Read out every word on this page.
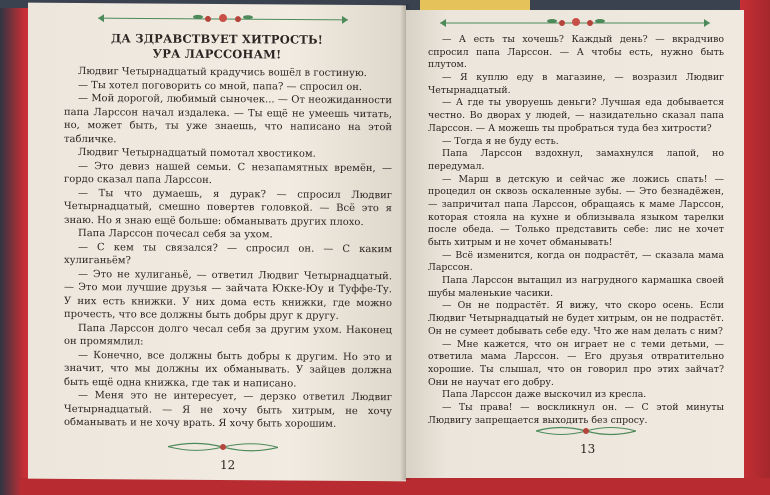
ДА ЗДРАВСТВУЕТ ХИТРОСТЬ!
УРА ЛАРССОНАМ!

Людвиг Четырнадцатый крадучись вошёл в гостиную.

— Ты хотел поговорить со мной, папа? — спросил он.

— Мой дорогой, любимый сыночек... — От неожиданности папа Ларссон начал издалека. — Ты ещё не умеешь читать, но, может быть, ты уже знаешь, что написано на этой табличке.

Людвиг Четырнадцатый помотал хвостиком.

— Это девиз нашей семьи. С незапамятных времён, — гордо сказал папа Ларссон.

— Ты что думаешь, я дурак? — спросил Людвиг Четырнадцатый, смешно повертев головкой. — Всё это я знаю. Но я знаю ещё больше: обманывать других плохо.

Папа Ларссон почесал себя за ухом.

— С кем ты связался? — спросил он. — С каким хулиганьём?

— Это не хулиганьё, — ответил Людвиг Четырнадцатый. — Это мои лучшие друзья — зайчата Юкке-Юу и Туффе-Ту. У них есть книжки. У них дома есть книжки, где можно прочесть, что все должны быть добры друг к другу.

Папа Ларссон долго чесал себя за другим ухом. Наконец он промямлил:

— Конечно, все должны быть добры к другим. Но это и значит, что мы должны их обманывать. У зайцев должна быть ещё одна книжка, где так и написано.

— Меня это не интересует, — дерзко ответил Людвиг Четырнадцатый. — Я не хочу быть хитрым, не хочу обманывать и не хочу врать. Я хочу быть хорошим.

12

— А есть ты хочешь? Каждый день? — вкрадчиво спросил папа Ларссон. — А чтобы есть, нужно быть плутом.

— Я куплю еду в магазине, — возразил Людвиг Четырнадцатый.

— А где ты уворуешь деньги? Лучшая еда добывается честно. Во дворах у людей, — назидательно сказал папа Ларссон. — А можешь ты пробраться туда без хитрости?

— Тогда я не буду есть.

Папа Ларссон вздохнул, замахнулся лапой, но передумал.

— Марш в детскую и сейчас же ложись спать! — процедил он сквозь оскаленные зубы. — Это безнадёжен, — запричитал папа Ларссон, обращаясь к маме Ларссон, которая стояла на кухне и облизывала языком тарелки после обеда. — Только представить себе: лис не хочет быть хитрым и не хочет обманывать!

— Всё изменится, когда он подрастёт, — сказала мама Ларссон.

Папа Ларссон вытащил из нагрудного кармашка своей шубы маленькие часики.

— Он не подрастёт. Я вижу, что скоро осень. Если Людвиг Четырнадцатый не будет хитрым, он не подрастёт. Он не сумеет добывать себе еду. Что же нам делать с ним?

— Мне кажется, что он играет не с теми детьми, — ответила мама Ларссон. — Его друзья отвратительно хорошие. Ты слышал, что он говорил про этих зайчат? Они не научат его добру.

Папа Ларссон даже выскочил из кресла.

— Ты права! — воскликнул он. — С этой минуты Людвигу запрещается выходить без спросу.

13
